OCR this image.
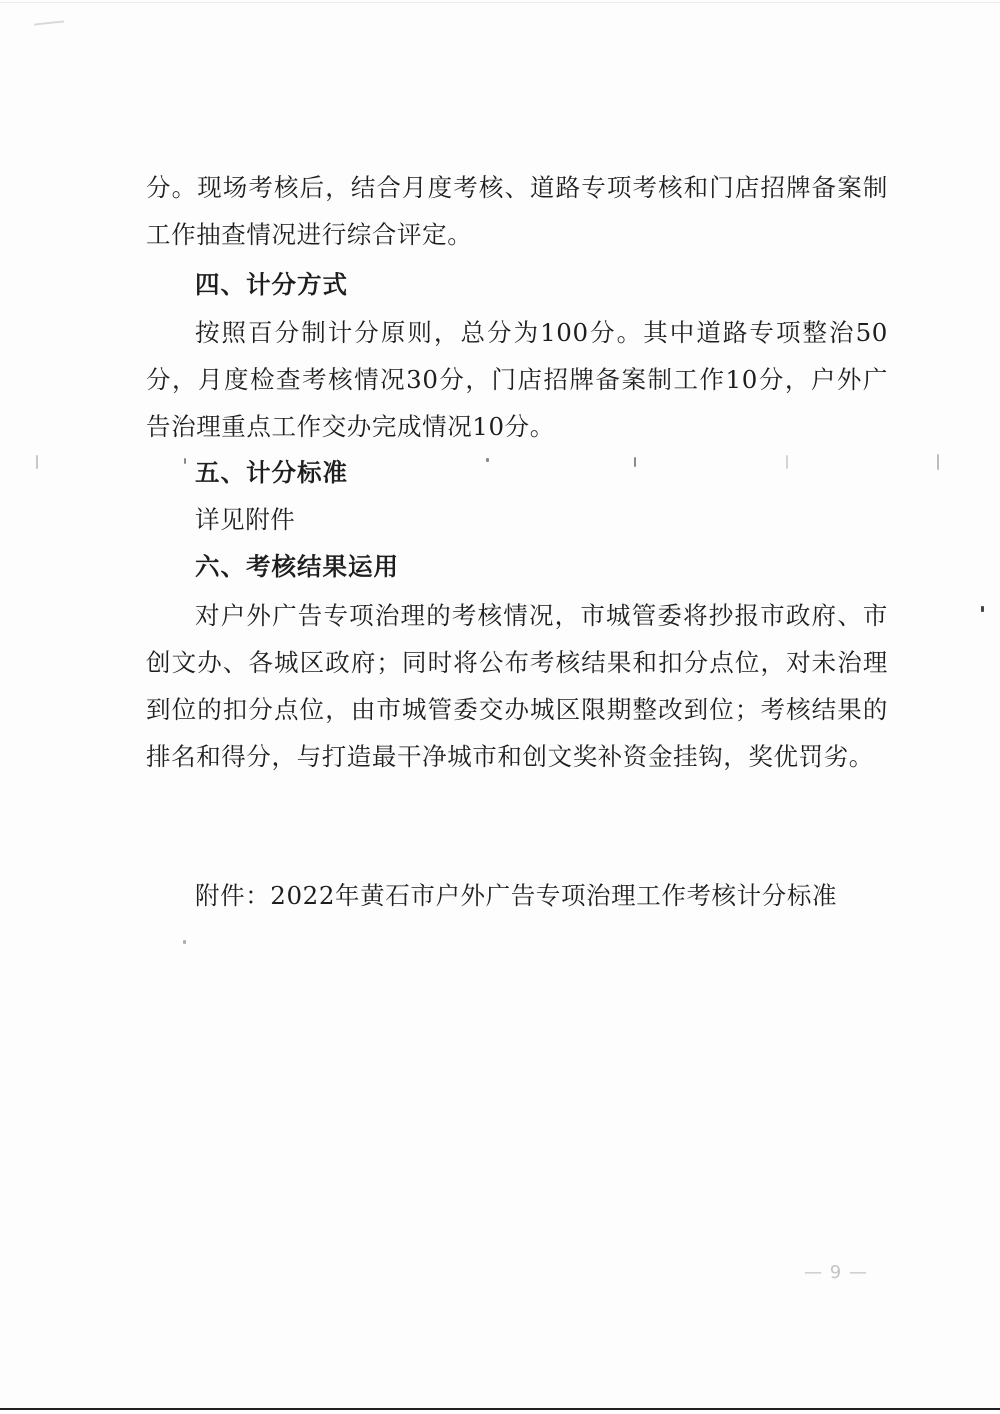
分。现场考核后，结合月度考核、道路专项考核和门店招牌备案制工作抽查情况进行综合评定。

四、计分方式

按照百分制计分原则，总分为100分。其中道路专项整治50分，月度检查考核情况30分，门店招牌备案制工作10分，户外广告治理重点工作交办完成情况10分。

五、计分标准

详见附件

六、考核结果运用

对户外广告专项治理的考核情况，市城管委将抄报市政府、市创文办、各城区政府；同时将公布考核结果和扣分点位，对未治理到位的扣分点位，由市城管委交办城区限期整改到位；考核结果的排名和得分，与打造最干净城市和创文奖补资金挂钩，奖优罚劣。

附件：2022年黄石市户外广告专项治理工作考核计分标准

— 9 —
